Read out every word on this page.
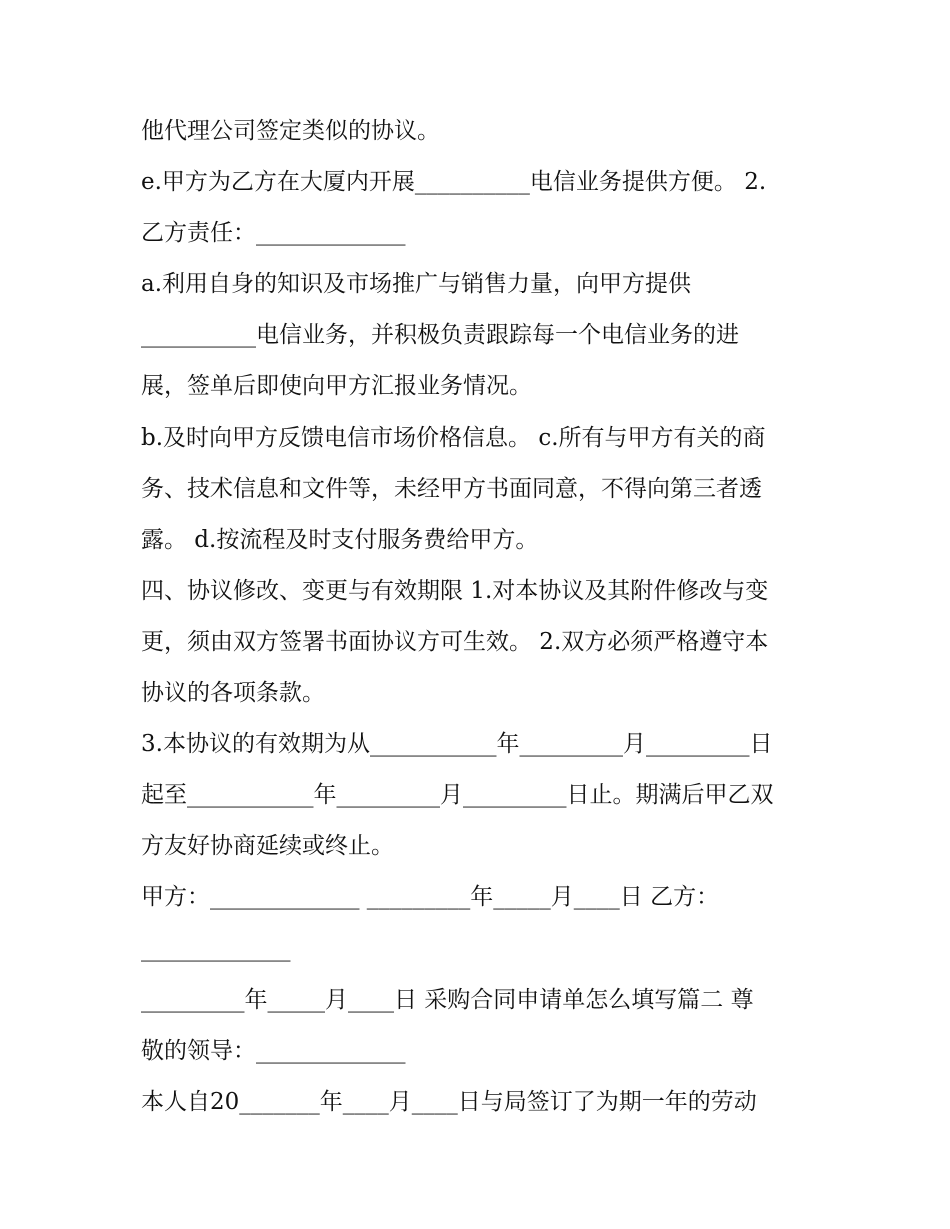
他代理公司签定类似的协议。
e.甲方为乙方在大厦内开展__________电信业务提供方便。 2.
乙方责任：_____________
a.利用自身的知识及市场推广与销售力量，向甲方提供
__________电信业务，并积极负责跟踪每一个电信业务的进
展，签单后即使向甲方汇报业务情况。
b.及时向甲方反馈电信市场价格信息。 c.所有与甲方有关的商
务、技术信息和文件等，未经甲方书面同意，不得向第三者透
露。 d.按流程及时支付服务费给甲方。
四、协议修改、变更与有效期限 1.对本协议及其附件修改与变
更，须由双方签署书面协议方可生效。 2.双方必须严格遵守本
协议的各项条款。
3.本协议的有效期为从___________年_________月_________日
起至___________年_________月_________日止。期满后甲乙双
方友好协商延续或终止。
甲方：_____________ _________年_____月____日 乙方：
_____________
_________年_____月____日 采购合同申请单怎么填写篇二 尊
敬的领导：_____________
本人自20_______年____月____日与局签订了为期一年的劳动
